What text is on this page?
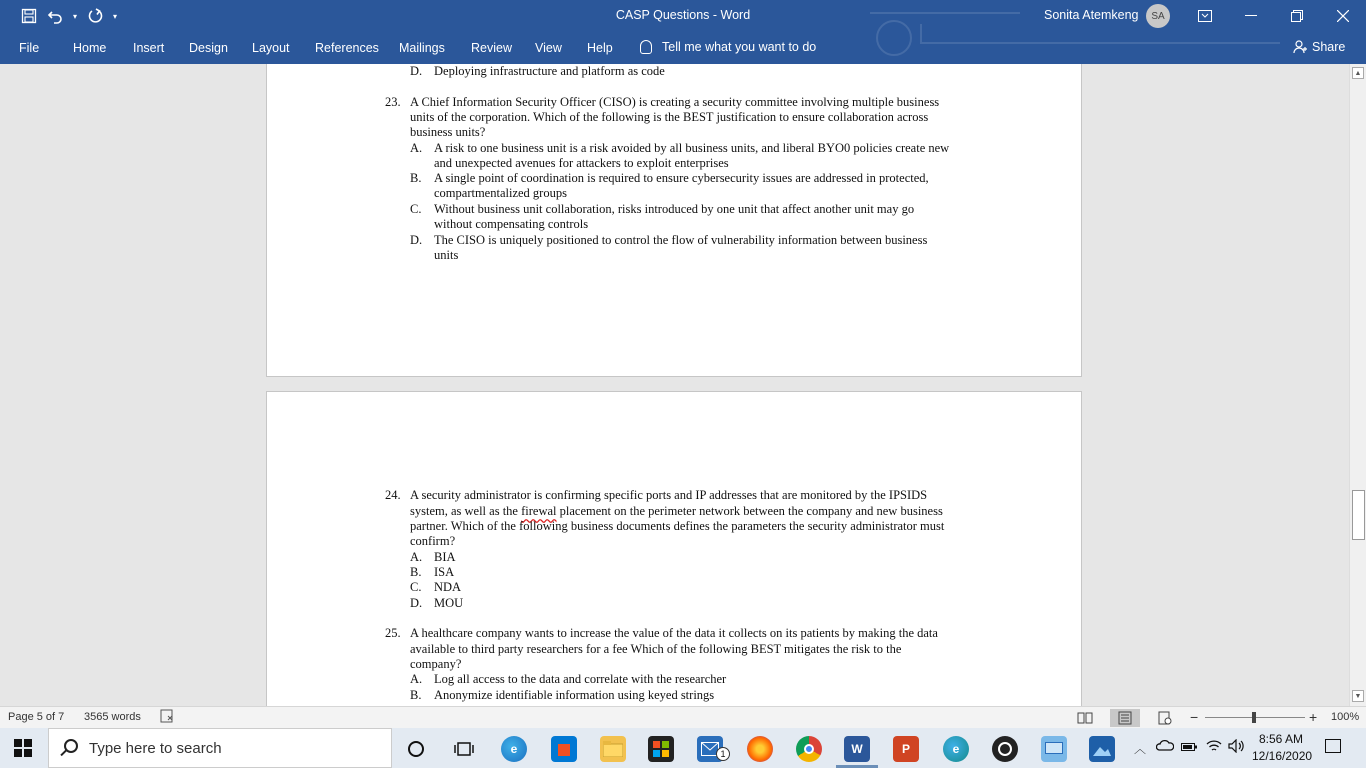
▾	▾	CASP Questions - Word	Sonita Atemkeng	SA
File	Home Insert Design Layout References Mailings Review View Help	Tell me what you want to do	Share
D. Deploying infrastructure and platform as code
23. A Chief Information Security Officer (CISO) is creating a security committee involving multiple business
units of the corporation. Which of the following is the BEST justification to ensure collaboration across
business units?
A. A risk to one business unit is a risk avoided by all business units, and liberal BYO0 policies create new
and unexpected avenues for attackers to exploit enterprises
B. A single point of coordination is required to ensure cybersecurity issues are addressed in protected,
compartmentalized groups
C. Without business unit collaboration, risks introduced by one unit that affect another unit may go
without compensating controls
D. The CISO is uniquely positioned to control the flow of vulnerability information between business
units
24. A security administrator is confirming specific ports and IP addresses that are monitored by the IPSIDS
system, as well as the firewal placement on the perimeter network between the company and new business
partner. Which of the following business documents defines the parameters the security administrator must
confirm?
A. BIA
B. ISA
C. NDA
D. MOU
25. A healthcare company wants to increase the value of the data it collects on its patients by making the data
available to third party researchers for a fee Which of the following BEST mitigates the risk to the
company?
A. Log all access to the data and correlate with the researcher
B. Anonymize identifiable information using keyed strings
▲
▼
Page 5 of 7 3565 words	−	+ 100%
Type here to search	e	1	W	P	e	︿
8:56 AM
12/16/2020
